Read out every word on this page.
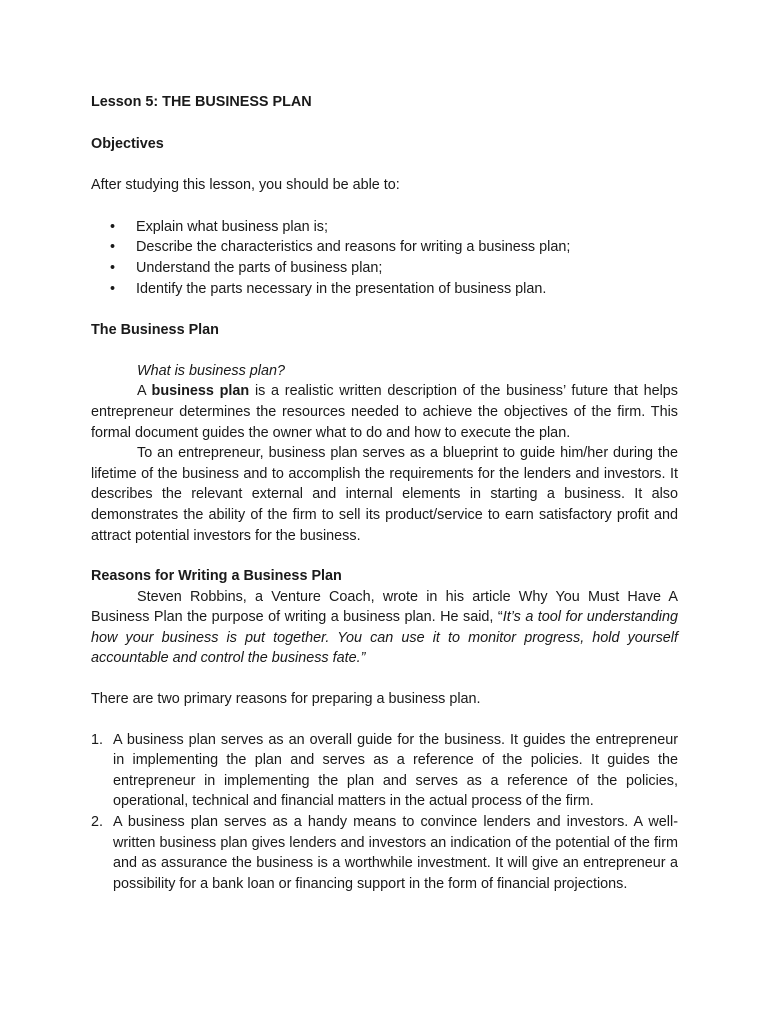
Lesson 5: THE BUSINESS PLAN

Objectives

After studying this lesson, you should be able to:

• Explain what business plan is;
• Describe the characteristics and reasons for writing a business plan;
• Understand the parts of business plan;
• Identify the parts necessary in the presentation of business plan.

The Business Plan

What is business plan?

A business plan is a realistic written description of the business’ future that helps entrepreneur determines the resources needed to achieve the objectives of the firm. This formal document guides the owner what to do and how to execute the plan.

To an entrepreneur, business plan serves as a blueprint to guide him/her during the lifetime of the business and to accomplish the requirements for the lenders and investors. It describes the relevant external and internal elements in starting a business. It also demonstrates the ability of the firm to sell its product/service to earn satisfactory profit and attract potential investors for the business.

Reasons for Writing a Business Plan

Steven Robbins, a Venture Coach, wrote in his article Why You Must Have A Business Plan the purpose of writing a business plan. He said, “It’s a tool for understanding how your business is put together. You can use it to monitor progress, hold yourself accountable and control the business fate.”

There are two primary reasons for preparing a business plan.

1. A business plan serves as an overall guide for the business. It guides the entrepreneur in implementing the plan and serves as a reference of the policies. It guides the entrepreneur in implementing the plan and serves as a reference of the policies, operational, technical and financial matters in the actual process of the firm.
2. A business plan serves as a handy means to convince lenders and investors. A well-written business plan gives lenders and investors an indication of the potential of the firm and as assurance the business is a worthwhile investment. It will give an entrepreneur a possibility for a bank loan or financing support in the form of financial projections.
